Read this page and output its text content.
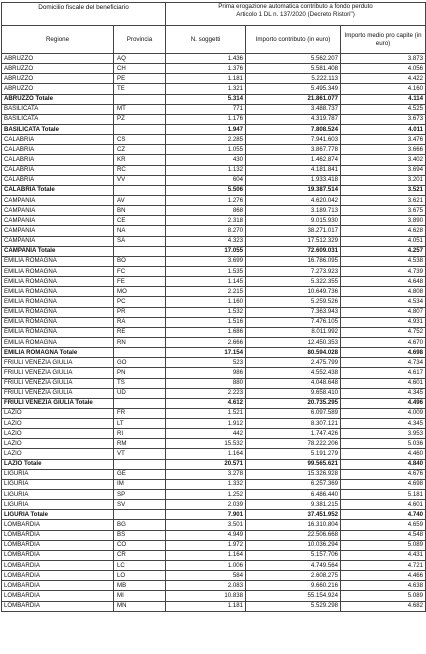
Domicilio fiscale del beneficiario		Prima erogazione automatica contributo a fondo perduto
Articolo 1 DL n. 137/2020 (Decreto Ristori")		

Regione	Provincia	N. soggetti	Importo contributo (in euro)	Importo medio pro capite (in euro)
ABRUZZO	AQ	1.436	5.562.207	3.873
ABRUZZO	CH	1.376	5.581.408	4.056
ABRUZZO	PE	1.181	5.222.113	4.422
ABRUZZO	TE	1.321	5.495.349	4.160
ABRUZZO Totale		5.314	21.861.077	4.114
BASILICATA	MT	771	3.488.737	4.525
BASILICATA	PZ	1.176	4.319.787	3.673
BASILICATA Totale		1.947	7.808.524	4.011
CALABRIA	CS	2.285	7.941.603	3.476
CALABRIA	CZ	1.055	3.867.778	3.666
CALABRIA	KR	430	1.462.874	3.402
CALABRIA	RC	1.132	4.181.841	3.694
CALABRIA	VV	604	1.933.418	3.201
CALABRIA Totale		5.506	19.387.514	3.521
CAMPANIA	AV	1.276	4.620.042	3.621
CAMPANIA	BN	868	3.189.713	3.675
CAMPANIA	CE	2.318	9.015.930	3.890
CAMPANIA	NA	8.270	38.271.017	4.628
CAMPANIA	SA	4.323	17.512.329	4.051
CAMPANIA Totale		17.055	72.609.031	4.257
EMILIA ROMAGNA	BO	3.699	16.786.095	4.538
EMILIA ROMAGNA	FC	1.535	7.273.923	4.739
EMILIA ROMAGNA	FE	1.145	5.322.355	4.648
EMILIA ROMAGNA	MO	2.215	10.649.736	4.808
EMILIA ROMAGNA	PC	1.160	5.259.526	4.534
EMILIA ROMAGNA	PR	1.532	7.363.943	4.807
EMILIA ROMAGNA	RA	1.516	7.476.105	4.931
EMILIA ROMAGNA	RE	1.686	8.011.992	4.752
EMILIA ROMAGNA	RN	2.666	12.450.353	4.670
EMILIA ROMAGNA Totale		17.154	80.594.028	4.698
FRIULI VENEZIA GIULIA	GO	523	2.475.799	4.734
FRIULI VENEZIA GIULIA	PN	986	4.552.438	4.617
FRIULI VENEZIA GIULIA	TS	880	4.048.648	4.601
FRIULI VENEZIA GIULIA	UD	2.223	9.658.410	4.345
FRIULI VENEZIA GIULIA Totale		4.612	20.735.295	4.496
LAZIO	FR	1.521	6.097.589	4.009
LAZIO	LT	1.912	8.307.121	4.345
LAZIO	RI	442	1.747.426	3.953
LAZIO	RM	15.532	78.222.206	5.036
LAZIO	VT	1.164	5.191.279	4.460
LAZIO Totale		20.571	99.565.621	4.840
LIGURIA	GE	3.278	15.326.928	4.676
LIGURIA	IM	1.332	6.257.369	4.698
LIGURIA	SP	1.252	6.486.440	5.181
LIGURIA	SV	2.039	9.381.215	4.601
LIGURIA Totale		7.901	37.451.952	4.740
LOMBARDIA	BG	3.501	16.310.804	4.659
LOMBARDIA	BS	4.949	22.506.668	4.548
LOMBARDIA	CO	1.972	10.036.294	5.089
LOMBARDIA	CR	1.164	5.157.706	4.431
LOMBARDIA	LC	1.006	4.749.564	4.721
LOMBARDIA	LO	584	2.608.275	4.466
LOMBARDIA	MB	2.083	9.660.216	4.638
LOMBARDIA	MI	10.838	55.154.924	5.089
LOMBARDIA	MN	1.181	5.529.298	4.682
